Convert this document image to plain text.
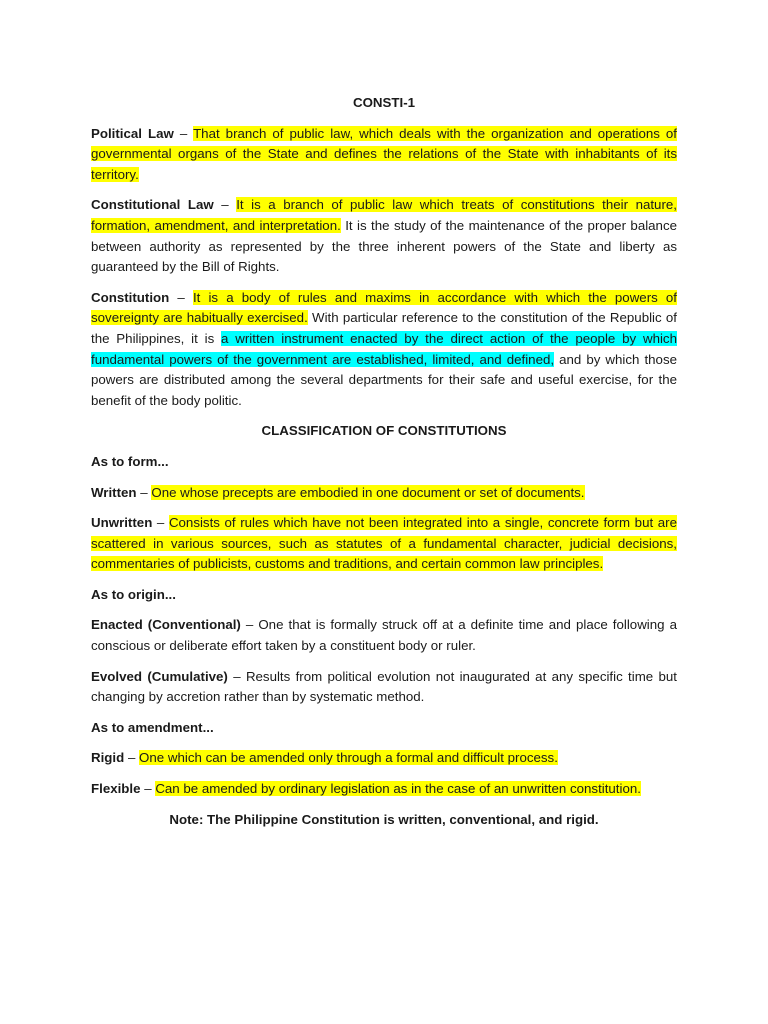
CONSTI-1

Political Law – That branch of public law, which deals with the organization and operations of governmental organs of the State and defines the relations of the State with inhabitants of its territory.

Constitutional Law – It is a branch of public law which treats of constitutions their nature, formation, amendment, and interpretation. It is the study of the maintenance of the proper balance between authority as represented by the three inherent powers of the State and liberty as guaranteed by the Bill of Rights.

Constitution – It is a body of rules and maxims in accordance with which the powers of sovereignty are habitually exercised. With particular reference to the constitution of the Republic of the Philippines, it is a written instrument enacted by the direct action of the people by which fundamental powers of the government are established, limited, and defined, and by which those powers are distributed among the several departments for their safe and useful exercise, for the benefit of the body politic.

CLASSIFICATION OF CONSTITUTIONS

As to form...

Written – One whose precepts are embodied in one document or set of documents.

Unwritten – Consists of rules which have not been integrated into a single, concrete form but are scattered in various sources, such as statutes of a fundamental character, judicial decisions, commentaries of publicists, customs and traditions, and certain common law principles.

As to origin...

Enacted (Conventional) – One that is formally struck off at a definite time and place following a conscious or deliberate effort taken by a constituent body or ruler.

Evolved (Cumulative) – Results from political evolution not inaugurated at any specific time but changing by accretion rather than by systematic method.

As to amendment...

Rigid – One which can be amended only through a formal and difficult process.

Flexible – Can be amended by ordinary legislation as in the case of an unwritten constitution.

Note: The Philippine Constitution is written, conventional, and rigid.
